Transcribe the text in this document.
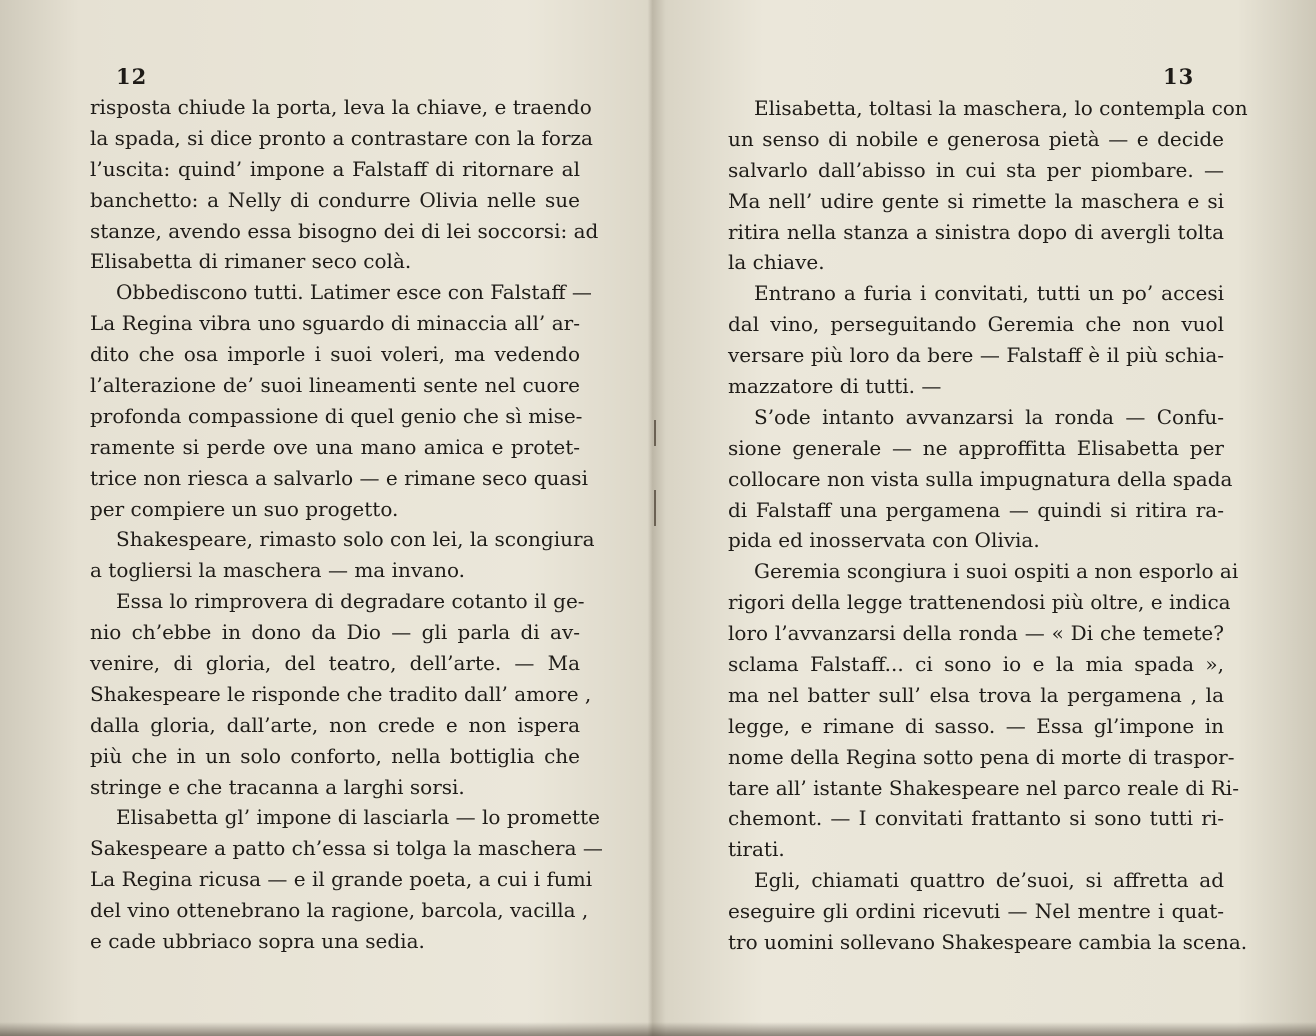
12
risposta chiude la porta, leva la chiave, e traendo
la spada, si dice pronto a contrastare con la forza
l’uscita: quind’ impone a Falstaff di ritornare al
banchetto: a Nelly di condurre Olivia nelle sue
stanze, avendo essa bisogno dei di lei soccorsi: ad
Elisabetta di rimaner seco colà.
Obbediscono tutti. Latimer esce con Falstaff —
La Regina vibra uno sguardo di minaccia all’ ar-
dito che osa imporle i suoi voleri, ma vedendo
l’alterazione de’ suoi lineamenti sente nel cuore
profonda compassione di quel genio che sì mise-
ramente si perde ove una mano amica e protet-
trice non riesca a salvarlo — e rimane seco quasi
per compiere un suo progetto.
Shakespeare, rimasto solo con lei, la scongiura
a togliersi la maschera — ma invano.
Essa lo rimprovera di degradare cotanto il ge-
nio ch’ebbe in dono da Dio — gli parla di av-
venire, di gloria, del teatro, dell’arte. — Ma
Shakespeare le risponde che tradito dall’ amore ,
dalla gloria, dall’arte, non crede e non ispera
più che in un solo conforto, nella bottiglia che
stringe e che tracanna a larghi sorsi.
Elisabetta gl’ impone di lasciarla — lo promette
Sakespeare a patto ch’essa si tolga la maschera —
La Regina ricusa — e il grande poeta, a cui i fumi
del vino ottenebrano la ragione, barcola, vacilla ,
e cade ubbriaco sopra una sedia.
13
Elisabetta, toltasi la maschera, lo contempla con
un senso di nobile e generosa pietà — e decide
salvarlo dall’abisso in cui sta per piombare. —
Ma nell’ udire gente si rimette la maschera e si
ritira nella stanza a sinistra dopo di avergli tolta
la chiave.
Entrano a furia i convitati, tutti un po’ accesi
dal vino, perseguitando Geremia che non vuol
versare più loro da bere — Falstaff è il più schia-
mazzatore di tutti. —
S’ode intanto avvanzarsi la ronda — Confu-
sione generale — ne approffitta Elisabetta per
collocare non vista sulla impugnatura della spada
di Falstaff una pergamena — quindi si ritira ra-
pida ed inosservata con Olivia.
Geremia scongiura i suoi ospiti a non esporlo ai
rigori della legge trattenendosi più oltre, e indica
loro l’avvanzarsi della ronda — « Di che temete?
sclama Falstaff... ci sono io e la mia spada »,
ma nel batter sull’ elsa trova la pergamena , la
legge, e rimane di sasso. — Essa gl’impone in
nome della Regina sotto pena di morte di traspor-
tare all’ istante Shakespeare nel parco reale di Ri-
chemont. — I convitati frattanto si sono tutti ri-
tirati.
Egli, chiamati quattro de’suoi, si affretta ad
eseguire gli ordini ricevuti — Nel mentre i quat-
tro uomini sollevano Shakespeare cambia la scena.
